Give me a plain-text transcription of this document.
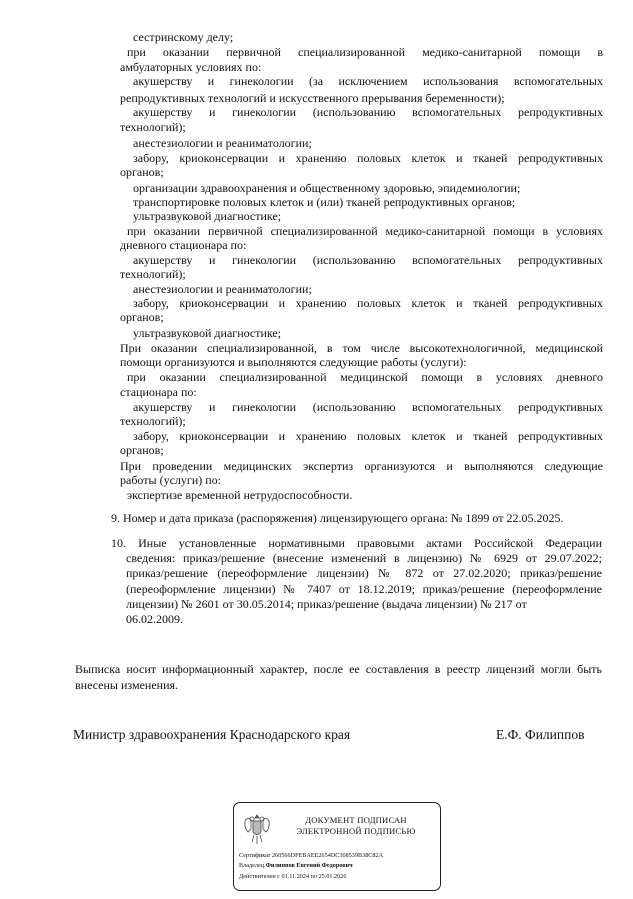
сестринскому делу;
при оказании первичной специализированной медико-санитарной помощи в
амбулаторных условиях по:
акушерству и гинекологии (за исключением использования вспомогательных
репродуктивных технологий и искусственного прерывания беременности);
акушерству и гинекологии (использованию вспомогательных репродуктивных
технологий);
анестезиологии и реаниматологии;
забору, криоконсервации и хранению половых клеток и тканей репродуктивных
органов;
организации здравоохранения и общественному здоровью, эпидемиологии;
транспортировке половых клеток и (или) тканей репродуктивных органов;
ультразвуковой диагностике;
при оказании первичной специализированной медико-санитарной помощи в условиях
дневного стационара по:
акушерству и гинекологии (использованию вспомогательных репродуктивных
технологий);
анестезиологии и реаниматологии;
забору, криоконсервации и хранению половых клеток и тканей репродуктивных
органов;
ультразвуковой диагностике;
При оказании специализированной, в том числе высокотехнологичной, медицинской
помощи организуются и выполняются следующие работы (услуги):
при оказании специализированной медицинской помощи в условиях дневного
стационара по:
акушерству и гинекологии (использованию вспомогательных репродуктивных
технологий);
забору, криоконсервации и хранению половых клеток и тканей репродуктивных
органов;
При проведении медицинских экспертиз организуются и выполняются следующие
работы (услуги) по:
экспертизе временной нетрудоспособности.
9. Номер и дата приказа (распоряжения) лицензирующего органа: № 1899 от 22.05.2025.
10. Иные установленные нормативными правовыми актами Российской Федерации
сведения: приказ/решение (внесение изменений в лицензию) № 6929 от 29.07.2022;
приказ/решение (переоформление лицензии) № 872 от 27.02.2020; приказ/решение
(переоформление лицензии) № 7407 от 18.12.2019; приказ/решение (переоформление
лицензии) № 2601 от 30.05.2014; приказ/решение (выдача лицензии) № 217 от
06.02.2009.
Выписка носит информационный характер, после ее составления в реестр лицензий могли быть
внесены изменения.
Министр здравоохранения Краснодарского края	Е.Ф. Филиппов
ДОКУМЕНТ ПОДПИСАН
ЭЛЕКТРОННОЙ ПОДПИСЬЮ
Сертификат 260566DFEBAEE2654DC308539B38C82A
Владелец Филиппов Евгений Федорович
Действителен с 01.11.2024 по 25.01.2026
